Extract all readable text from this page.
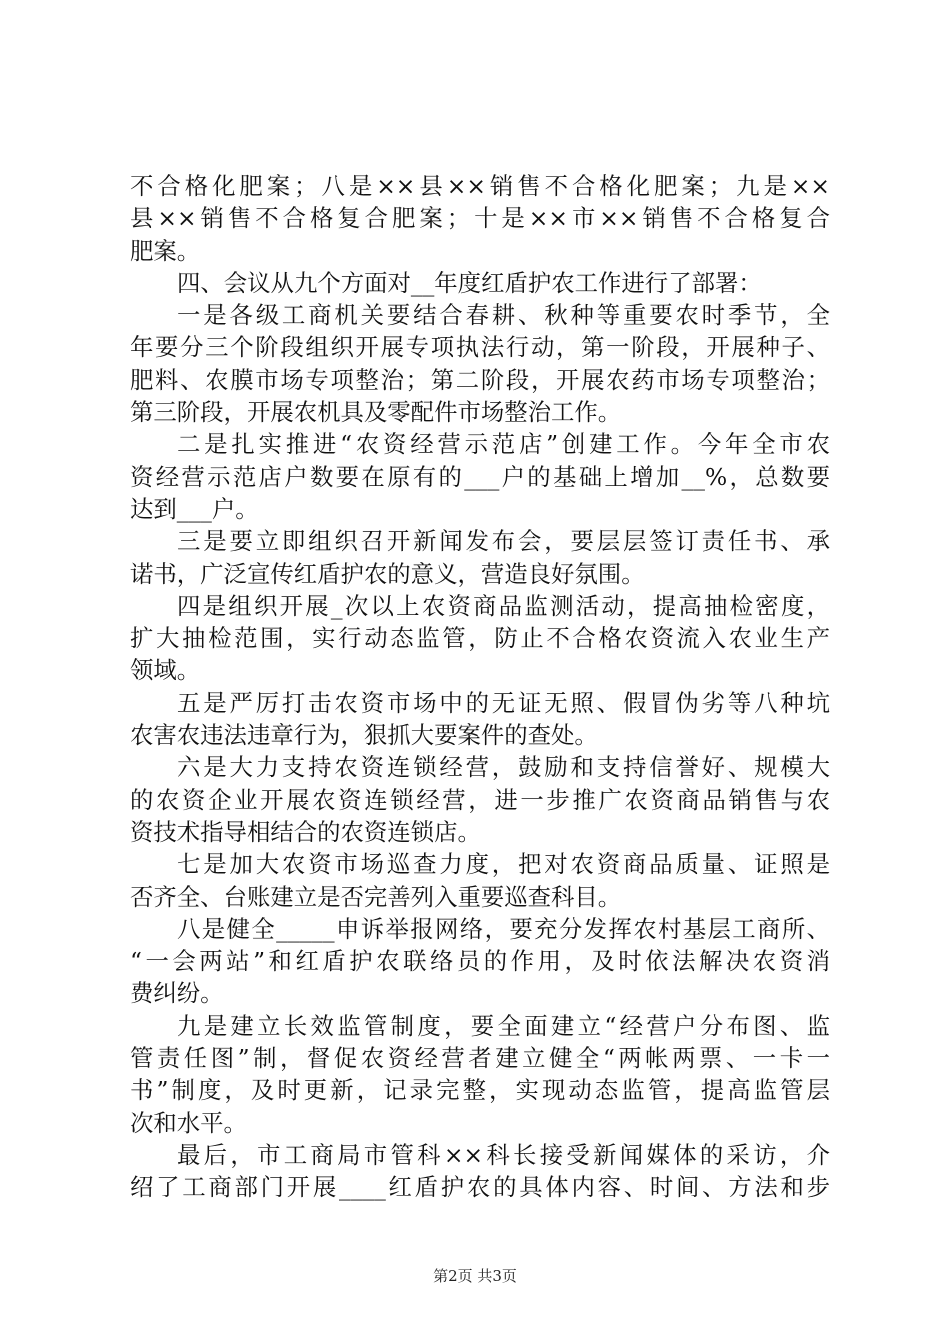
不合格化肥案；八是××县××销售不合格化肥案；九是××
县××销售不合格复合肥案；十是××市××销售不合格复合
肥案。
四、会议从九个方面对__年度红盾护农工作进行了部署：
一是各级工商机关要结合春耕、秋种等重要农时季节，全
年要分三个阶段组织开展专项执法行动，第一阶段，开展种子、
肥料、农膜市场专项整治；第二阶段，开展农药市场专项整治；
第三阶段，开展农机具及零配件市场整治工作。
二是扎实推进“农资经营示范店”创建工作。今年全市农
资经营示范店户数要在原有的___户的基础上增加__%，总数要
达到___户。
三是要立即组织召开新闻发布会，要层层签订责任书、承
诺书，广泛宣传红盾护农的意义，营造良好氛围。
四是组织开展_次以上农资商品监测活动，提高抽检密度，
扩大抽检范围，实行动态监管，防止不合格农资流入农业生产
领域。
五是严厉打击农资市场中的无证无照、假冒伪劣等八种坑
农害农违法违章行为，狠抓大要案件的查处。
六是大力支持农资连锁经营，鼓励和支持信誉好、规模大
的农资企业开展农资连锁经营，进一步推广农资商品销售与农
资技术指导相结合的农资连锁店。
七是加大农资市场巡查力度，把对农资商品质量、证照是
否齐全、台账建立是否完善列入重要巡查科目。
八是健全_____申诉举报网络，要充分发挥农村基层工商所、
“一会两站”和红盾护农联络员的作用，及时依法解决农资消
费纠纷。
九是建立长效监管制度，要全面建立“经营户分布图、监
管责任图”制，督促农资经营者建立健全“两帐两票、一卡一
书”制度，及时更新，记录完整，实现动态监管，提高监管层
次和水平。
最后，市工商局市管科××科长接受新闻媒体的采访，介
绍了工商部门开展____红盾护农的具体内容、时间、方法和步
第2页 共3页
